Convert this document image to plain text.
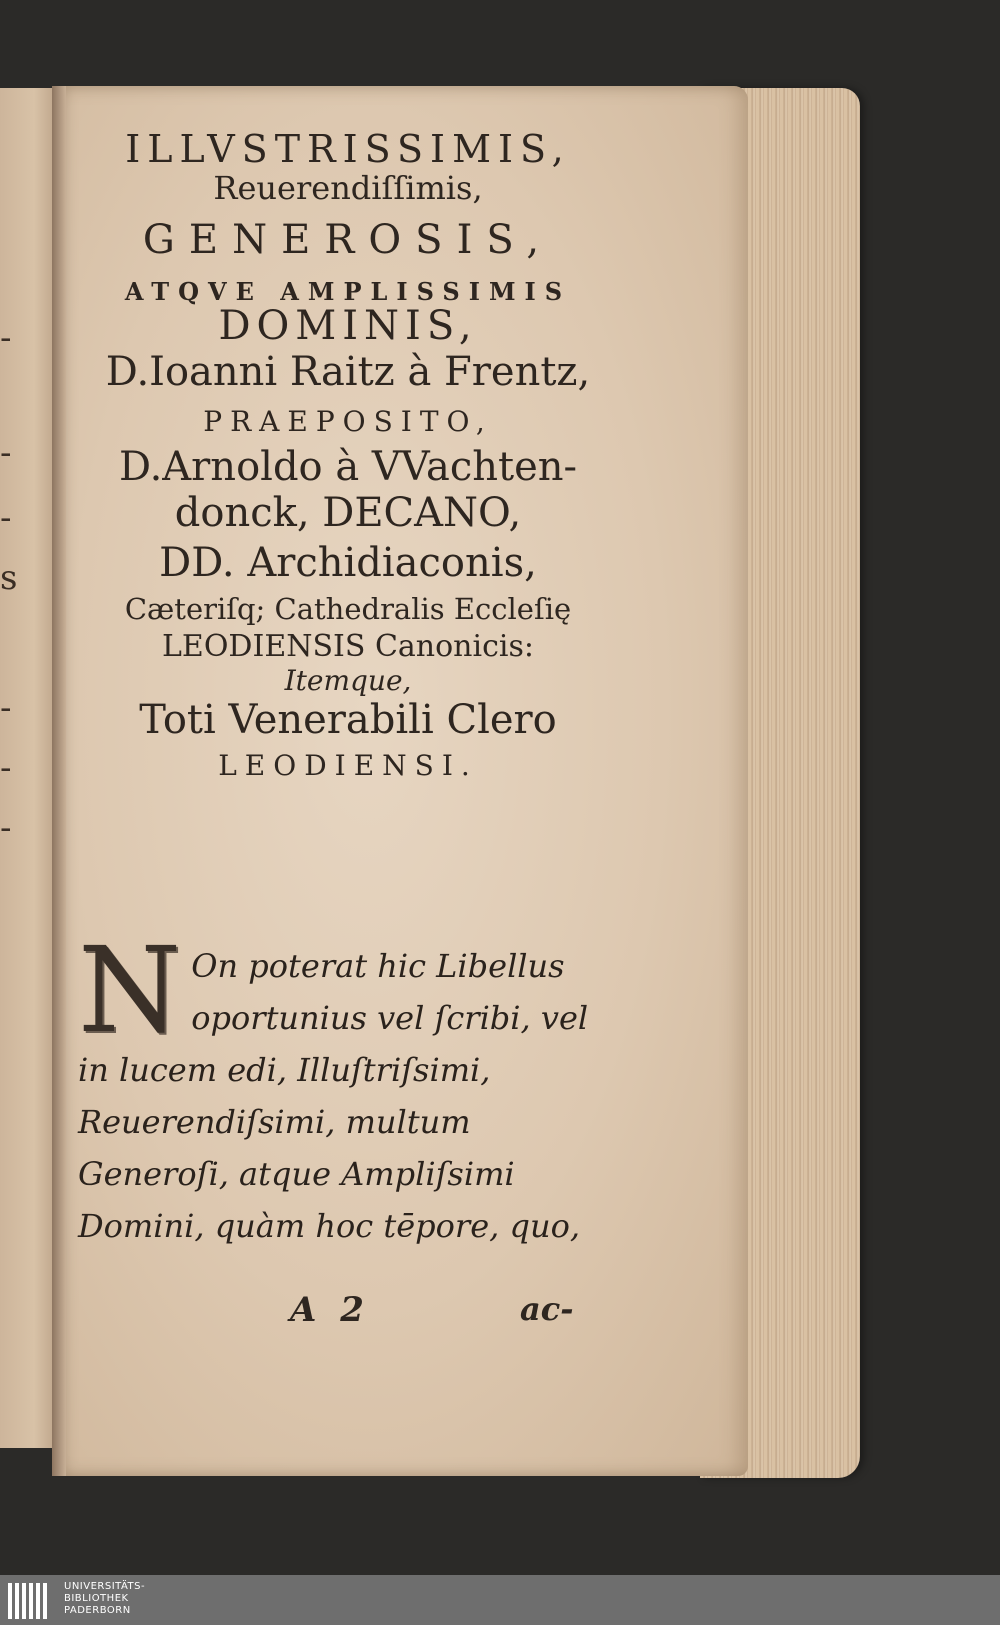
-
-
-
s
-
-
-
ILLVSTRISSIMIS,
Reuerendiſſimis,
GENEROSIS,
ATQVE AMPLISSIMIS
DOMINIS,
D.Ioanni Raitz à Frentz,
PRAEPOSITO,
D.Arnoldo à VVachten-
donck, DECANO,
DD. Archidiaconis,
Cæteriſq; Cathedralis Eccleſię
LEODIENSIS Canonicis:
Itemque,
Toti Venerabili Clero
LEODIENSI.
N On poterat hic Libellus oportunius vel ſcribi, vel in lucem edi, Illuſtriſsimi, Reuerendiſsimi, multum Generoſi, atque Ampliſsimi Domini, quàm hoc tēpore, quo,
A 2	ac-
UNIVERSITÄTS-
BIBLIOTHEK
PADERBORN
